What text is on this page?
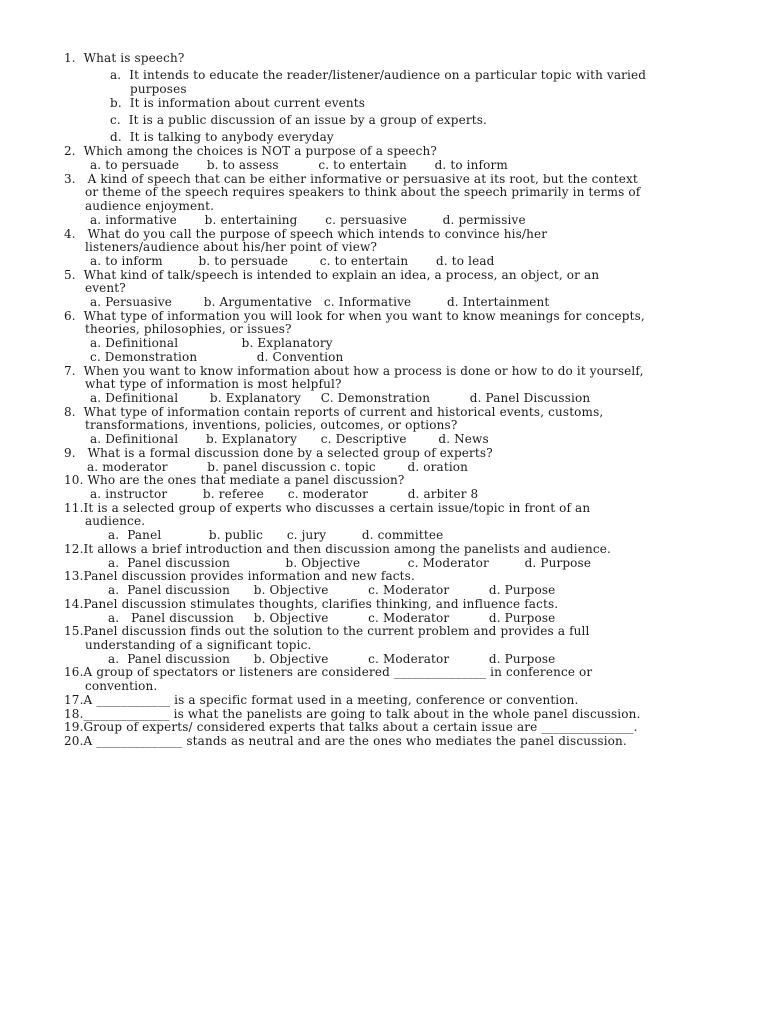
1.  What is speech?
a.  It intends to educate the reader/listener/audience on a particular topic with varied
purposes
b.  It is information about current events
c.  It is a public discussion of an issue by a group of experts.
d.  It is talking to anybody everyday
2.  Which among the choices is NOT a purpose of a speech?
a. to persuade       b. to assess          c. to entertain       d. to inform
3.   A kind of speech that can be either informative or persuasive at its root, but the context
or theme of the speech requires speakers to think about the speech primarily in terms of
audience enjoyment.
a. informative       b. entertaining       c. persuasive         d. permissive
4.   What do you call the purpose of speech which intends to convince his/her
listeners/audience about his/her point of view?
a. to inform         b. to persuade        c. to entertain       d. to lead
5.  What kind of talk/speech is intended to explain an idea, a process, an object, or an
event?
a. Persuasive        b. Argumentative   c. Informative         d. Intertainment
6.  What type of information you will look for when you want to know meanings for concepts,
theories, philosophies, or issues?
a. Definitional                b. Explanatory
c. Demonstration               d. Convention
7.  When you want to know information about how a process is done or how to do it yourself,
what type of information is most helpful?
a. Definitional        b. Explanatory     C. Demonstration          d. Panel Discussion
8.  What type of information contain reports of current and historical events, customs,
transformations, inventions, policies, outcomes, or options?
a. Definitional       b. Explanatory      c. Descriptive        d. News
9.   What is a formal discussion done by a selected group of experts?
a. moderator          b. panel discussion c. topic        d. oration
10. Who are the ones that mediate a panel discussion?
a. instructor         b. referee      c. moderator          d. arbiter 8
11.It is a selected group of experts who discusses a certain issue/topic in front of an
audience.
a.  Panel            b. public      c. jury         d. committee
12.It allows a brief introduction and then discussion among the panelists and audience.
a.  Panel discussion              b. Objective            c. Moderator         d. Purpose
13.Panel discussion provides information and new facts.
a.  Panel discussion      b. Objective          c. Moderator          d. Purpose
14.Panel discussion stimulates thoughts, clarifies thinking, and influence facts.
a.   Panel discussion     b. Objective          c. Moderator          d. Purpose
15.Panel discussion finds out the solution to the current problem and provides a full
understanding of a significant topic.
a.  Panel discussion      b. Objective          c. Moderator          d. Purpose
16.A group of spectators or listeners are considered _______________ in conference or
convention.
17.A ____________ is a specific format used in a meeting, conference or convention.
18.______________ is what the panelists are going to talk about in the whole panel discussion.
19.Group of experts/ considered experts that talks about a certain issue are _______________.
20.A ______________ stands as neutral and are the ones who mediates the panel discussion.
